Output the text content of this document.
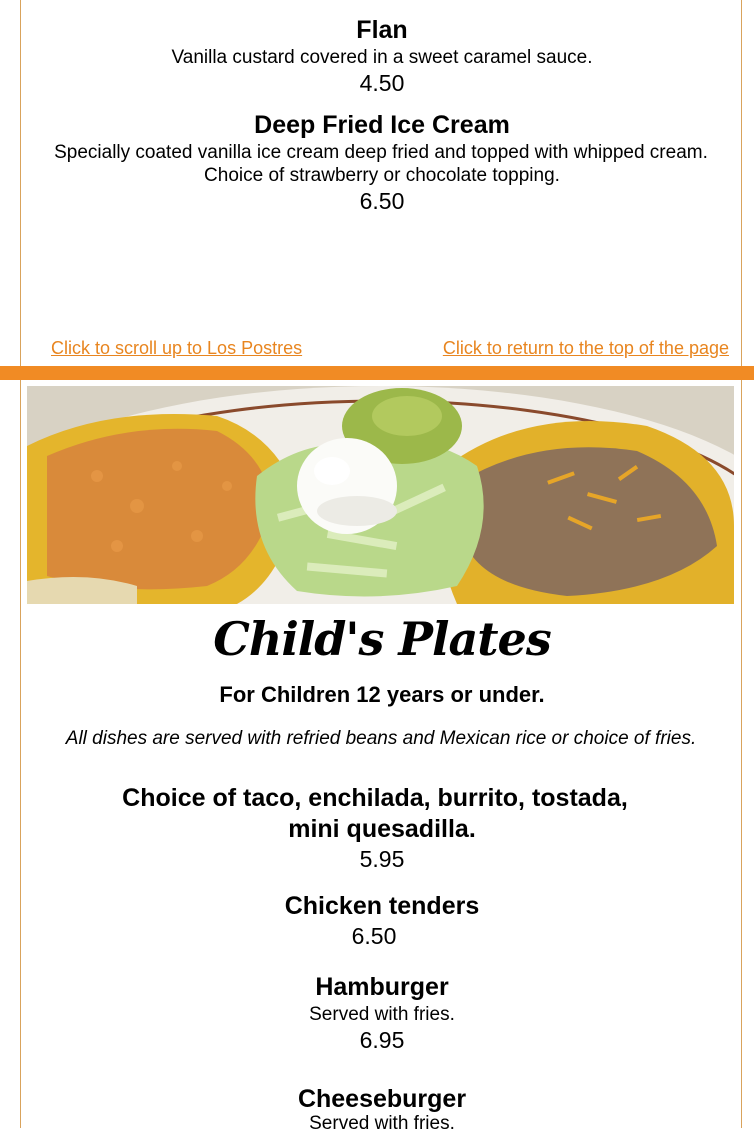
Flan
Vanilla custard covered in a sweet caramel sauce.
4.50
Deep Fried Ice Cream
Specially coated vanilla ice cream deep fried and topped with whipped cream.
Choice of strawberry or chocolate topping.
6.50
Click to scroll up to Los Postres	Click to return to the top of the page
Child's Plates
For Children 12 years or under.
All dishes are served with refried beans and Mexican rice or choice of fries.
Choice of taco, enchilada, burrito, tostada,
mini quesadilla.
5.95
Chicken tenders
6.50
Hamburger
Served with fries.
6.95
Cheeseburger
Served with fries.
